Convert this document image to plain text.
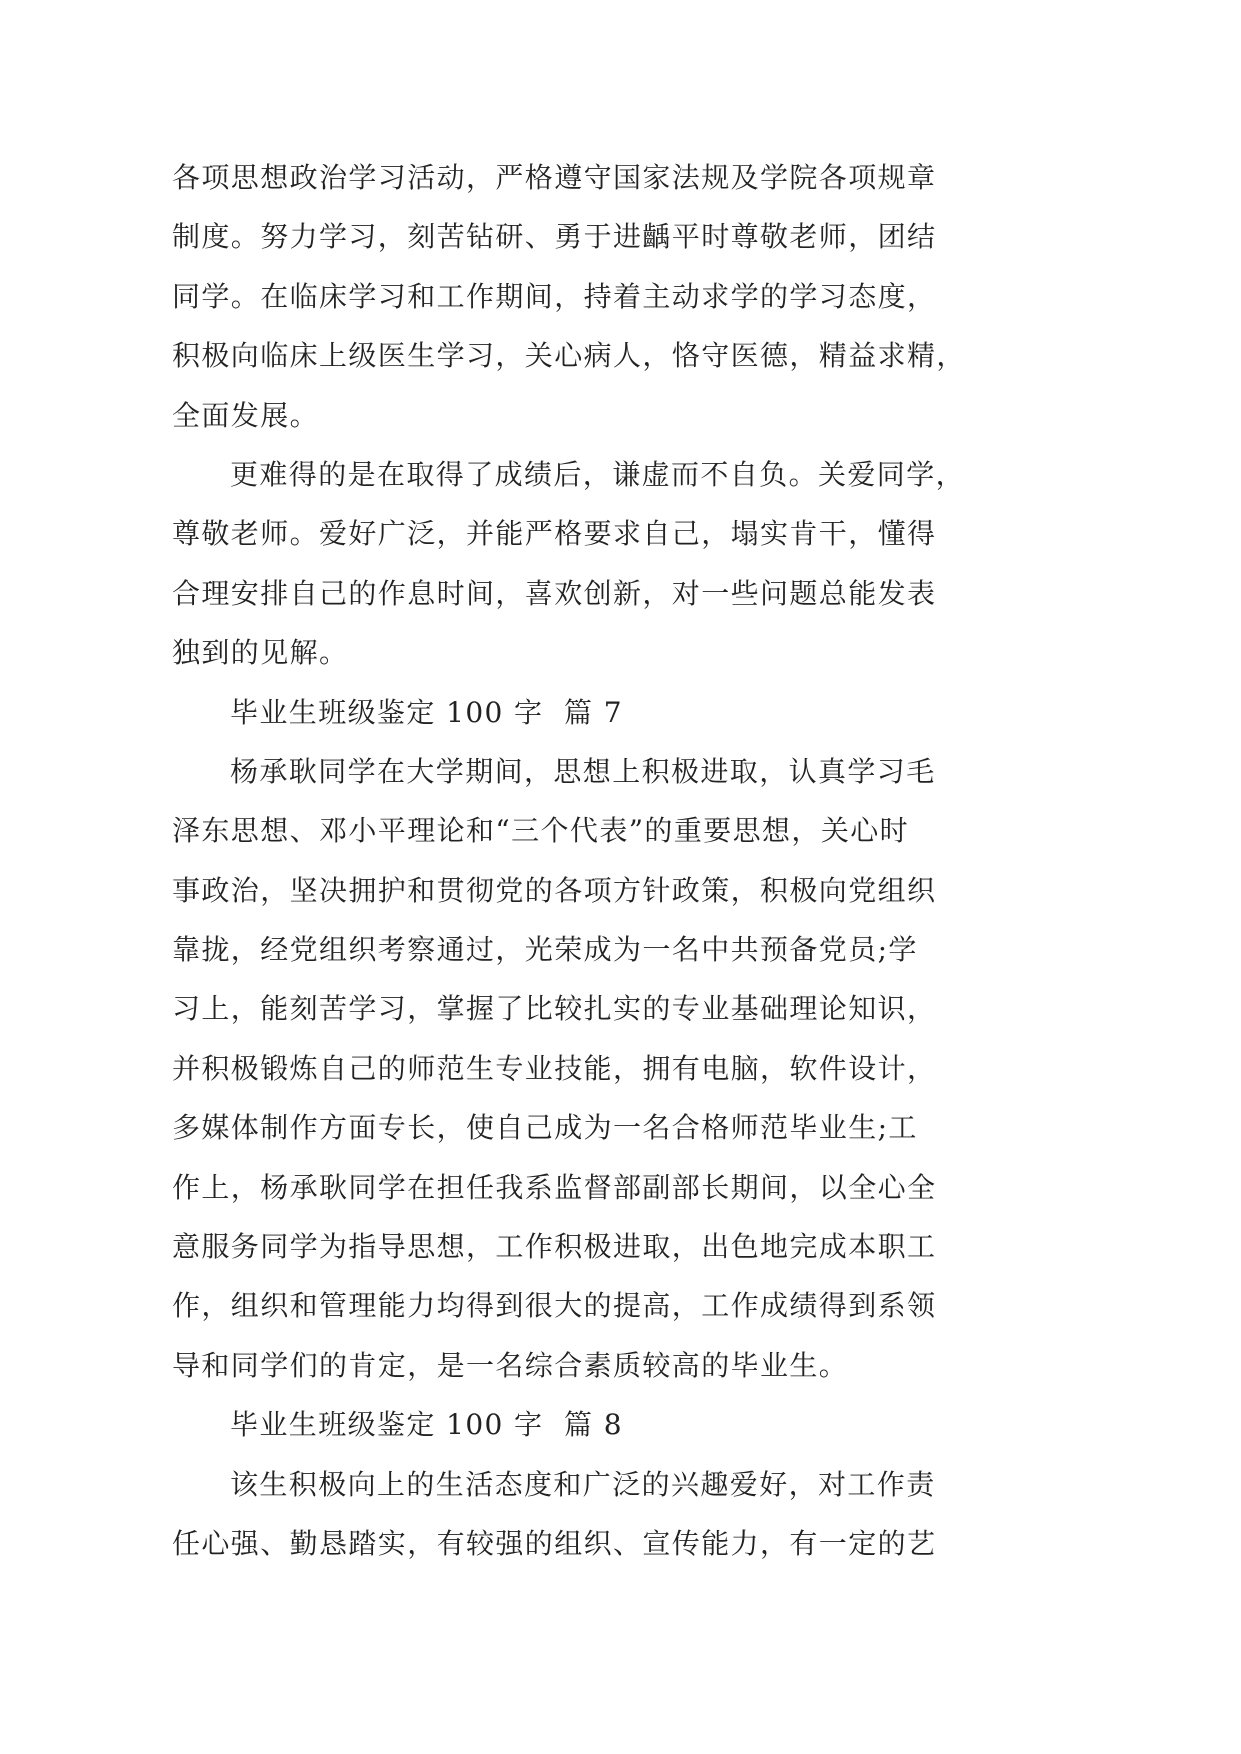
各项思想政治学习活动，严格遵守国家法规及学院各项规章
制度。努力学习，刻苦钻研、勇于进齲平时尊敬老师，团结
同学。在临床学习和工作期间，持着主动求学的学习态度，
积极向临床上级医生学习，关心病人，恪守医德，精益求精，
全面发展。
更难得的是在取得了成绩后，谦虚而不自负。关爱同学，
尊敬老师。爱好广泛，并能严格要求自己，塌实肯干，懂得
合理安排自己的作息时间，喜欢创新，对一些问题总能发表
独到的见解。
毕业生班级鉴定 100 字  篇 7
杨承耿同学在大学期间，思想上积极进取，认真学习毛
泽东思想、邓小平理论和“三个代表”的重要思想，关心时
事政治，坚决拥护和贯彻党的各项方针政策，积极向党组织
靠拢，经党组织考察通过，光荣成为一名中共预备党员;学
习上，能刻苦学习，掌握了比较扎实的专业基础理论知识，
并积极锻炼自己的师范生专业技能，拥有电脑，软件设计，
多媒体制作方面专长，使自己成为一名合格师范毕业生;工
作上，杨承耿同学在担任我系监督部副部长期间，以全心全
意服务同学为指导思想，工作积极进取，出色地完成本职工
作，组织和管理能力均得到很大的提高，工作成绩得到系领
导和同学们的肯定，是一名综合素质较高的毕业生。
毕业生班级鉴定 100 字  篇 8
该生积极向上的生活态度和广泛的兴趣爱好，对工作责
任心强、勤恳踏实，有较强的组织、宣传能力，有一定的艺
